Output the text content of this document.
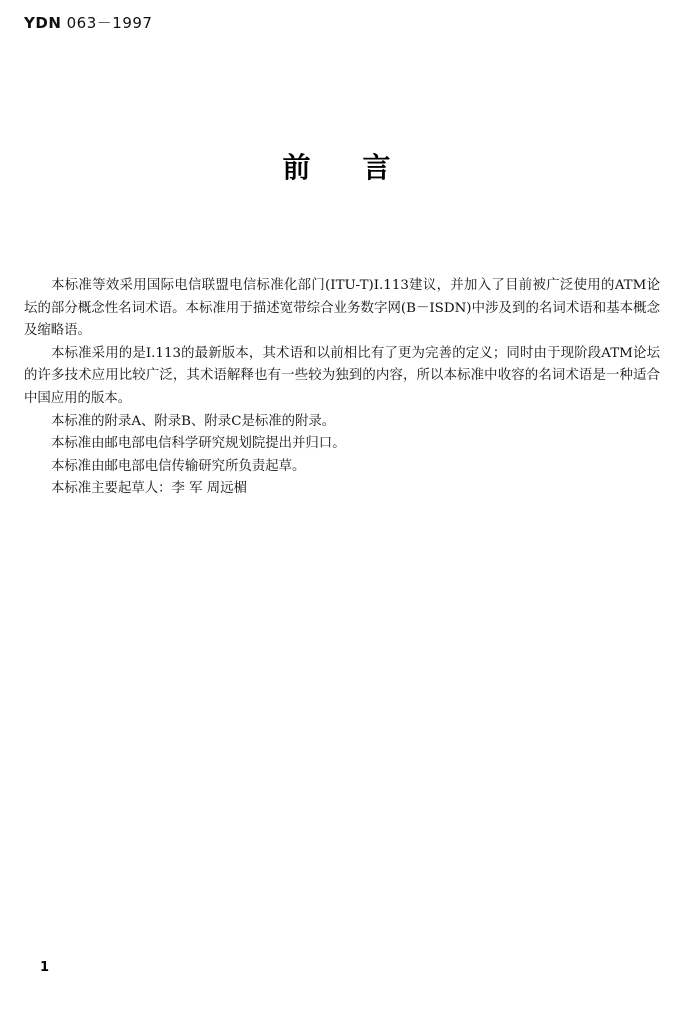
YDN 063－1997
前言

本标准等效采用国际电信联盟电信标准化部门(ITU-T)I.113建议，并加入了目前被广泛使用的ATM论坛的部分概念性名词术语。本标准用于描述宽带综合业务数字网(B－ISDN)中涉及到的名词术语和基本概念及缩略语。

本标准采用的是I.113的最新版本，其术语和以前相比有了更为完善的定义；同时由于现阶段ATM论坛的许多技术应用比较广泛，其术语解释也有一些较为独到的内容，所以本标准中收容的名词术语是一种适合中国应用的版本。

本标准的附录A、附录B、附录C是标准的附录。

本标准由邮电部电信科学研究规划院提出并归口。

本标准由邮电部电信传输研究所负责起草。

本标准主要起草人：李 军 周远楣

1
